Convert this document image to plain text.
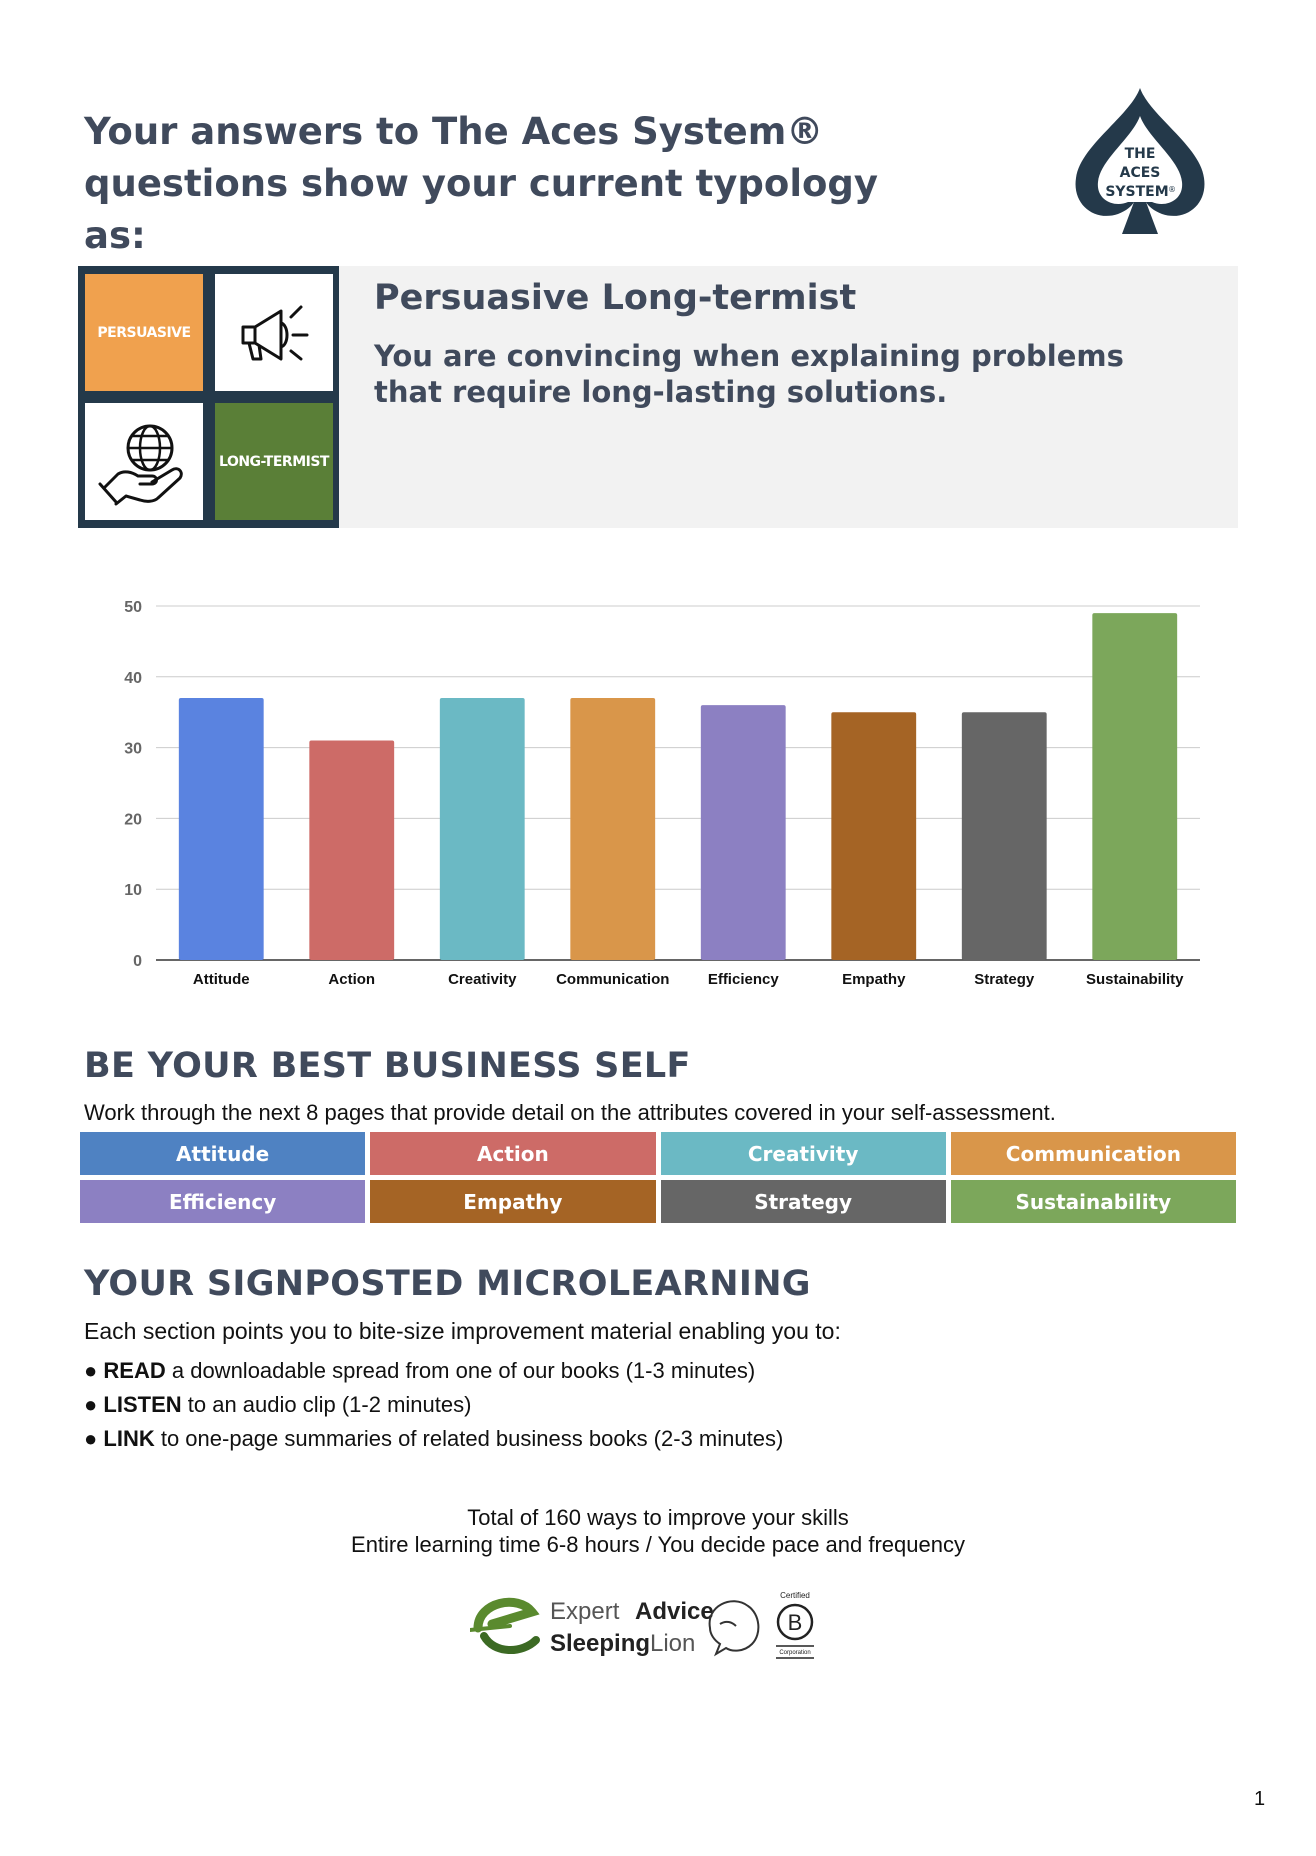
Your answers to The Aces System®
questions show your current typology as:
THE
ACES
SYSTEM ®
PERSUASIVE
LONG-TERMIST
Persuasive Long-termist
You are convincing when explaining problems that require long-lasting solutions.
0
10
20
30
40
50
Attitude	Action	Creativity	Communication	Efficiency	Empathy	Strategy	Sustainability
BE YOUR BEST BUSINESS SELF
Work through the next 8 pages that provide detail on the attributes covered in your self-assessment.
Attitude	Action	Creativity	Communication
Efficiency	Empathy	Strategy	Sustainability
YOUR SIGNPOSTED MICROLEARNING
Each section points you to bite-size improvement material enabling you to:
● READ a downloadable spread from one of our books (1-3 minutes)
● LISTEN to an audio clip (1-2 minutes)
● LINK to one-page summaries of related business books (2-3 minutes)
Total of 160 ways to improve your skills
Entire learning time 6-8 hours / You decide pace and frequency
Expert Advice
Sleeping Lion
Certified
B
Corporation
1
